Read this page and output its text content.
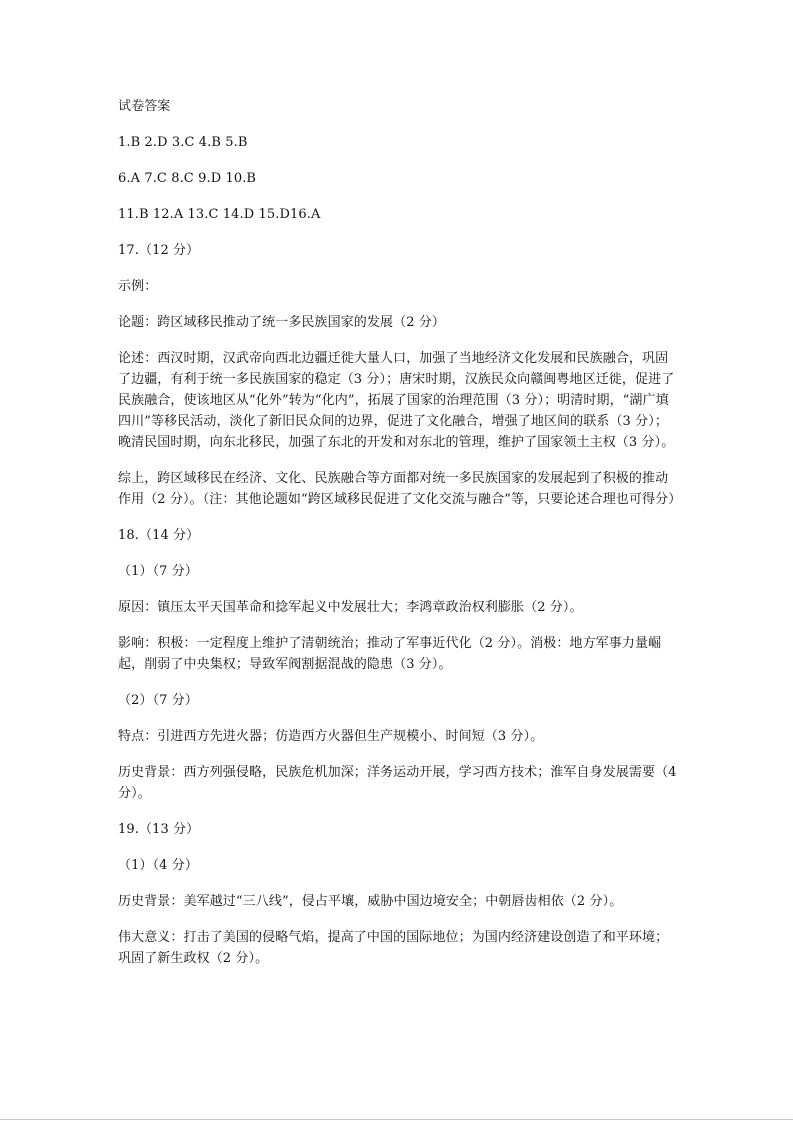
试卷答案

1.B 2.D 3.C 4.B 5.B

6.A 7.C 8.C 9.D 10.B

11.B 12.A 13.C 14.D 15.D16.A

17.（12 分）

示例：

论题：跨区域移民推动了统一多民族国家的发展（2 分）

论述：西汉时期，汉武帝向西北边疆迁徙大量人口，加强了当地经济文化发展和民族融合，巩固了边疆，有利于统一多民族国家的稳定（3 分）；唐宋时期，汉族民众向赣闽粤地区迁徙，促进了民族融合，使该地区从“化外”转为“化内”，拓展了国家的治理范围（3 分）；明清时期，“湖广填四川”等移民活动，淡化了新旧民众间的边界，促进了文化融合，增强了地区间的联系（3 分）；晚清民国时期，向东北移民，加强了东北的开发和对东北的管理，维护了国家领土主权（3 分）。

综上，跨区域移民在经济、文化、民族融合等方面都对统一多民族国家的发展起到了积极的推动作用（2 分）。（注：其他论题如“跨区域移民促进了文化交流与融合”等，只要论述合理也可得分）

18.（14 分）

（1）（7 分）

原因：镇压太平天国革命和捻军起义中发展壮大；李鸿章政治权利膨胀（2 分）。

影响：积极：一定程度上维护了清朝统治；推动了军事近代化（2 分）。消极：地方军事力量崛起，削弱了中央集权；导致军阀割据混战的隐患（3 分）。

（2）（7 分）

特点：引进西方先进火器；仿造西方火器但生产规模小、时间短（3 分）。

历史背景：西方列强侵略，民族危机加深；洋务运动开展，学习西方技术；淮军自身发展需要（4 分）。

19.（13 分）

（1）（4 分）

历史背景：美军越过“三八线”，侵占平壤，威胁中国边境安全；中朝唇齿相依（2 分）。

伟大意义：打击了美国的侵略气焰，提高了中国的国际地位；为国内经济建设创造了和平环境；巩固了新生政权（2 分）。
